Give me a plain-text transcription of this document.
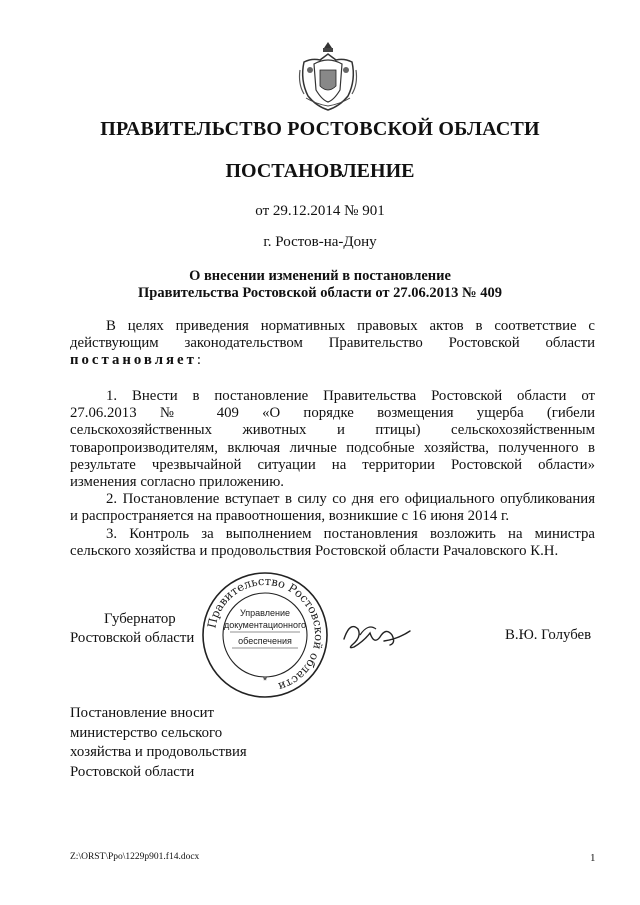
ПРАВИТЕЛЬСТВО РОСТОВСКОЙ ОБЛАСТИ
ПОСТАНОВЛЕНИЕ
от 29.12.2014 № 901
г. Ростов-на-Дону
О внесении изменений в постановление
Правительства Ростовской области от 27.06.2013 № 409
В целях приведения нормативных правовых актов в соответствие с
действующим законодательством Правительство Ростовской области
постановляет:
1. Внести в постановление Правительства Ростовской области от
27.06.2013 № 409 «О порядке возмещения ущерба (гибели
сельскохозяйственных животных и птицы) сельскохозяйственным
товаропроизводителям, включая личные подсобные хозяйства, полученного в
результате чрезвычайной ситуации на территории Ростовской области»
изменения согласно приложению.
2. Постановление вступает в силу со дня его официального опубликования
и распространяется на правоотношения, возникшие с 16 июня 2014 г.
3. Контроль за выполнением постановления возложить на министра
сельского хозяйства и продовольствия Ростовской области Рачаловского К.Н.
Губернатор
Ростовской области
Правительство Ростовской области
Управление
документационного
обеспечения
*
В.Ю. Голубев
Постановление вносит
министерство сельского
хозяйства и продовольствия
Ростовской области
Z:\ORST\Ppo\1229p901.f14.docx	1
